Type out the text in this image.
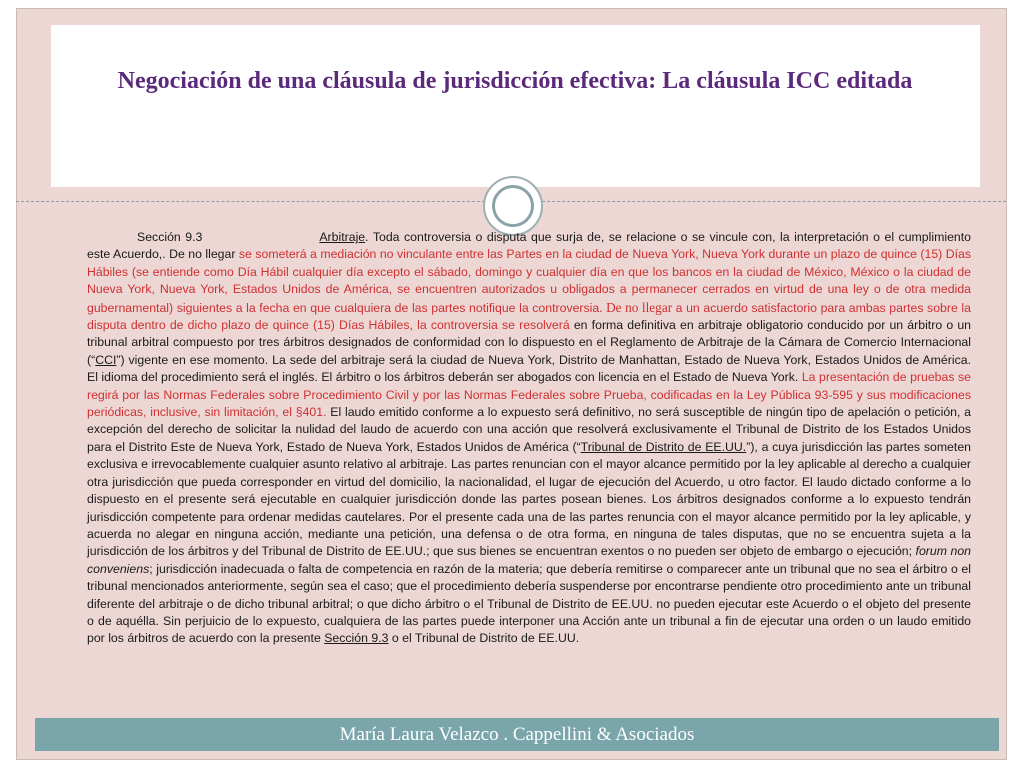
Negociación de una cláusula de jurisdicción efectiva: La cláusula ICC editada
Sección 9.3	Arbitraje. Toda controversia o disputa que surja de, se relacione o se vincule con, la interpretación o el cumplimiento este Acuerdo,. De no llegar se someterá a mediación no vinculante entre las Partes en la ciudad de Nueva York, Nueva York durante un plazo de quince (15) Días Hábiles (se entiende como Día Hábil cualquier día excepto el sábado, domingo y cualquier día en que los bancos en la ciudad de México, México o la ciudad de Nueva York, Nueva York, Estados Unidos de América, se encuentren autorizados u obligados a permanecer cerrados en virtud de una ley o de otra medida gubernamental) siguientes a la fecha en que cualquiera de las partes notifique la controversia. De no llegar a un acuerdo satisfactorio para ambas partes sobre la disputa dentro de dicho plazo de quince (15) Días Hábiles, la controversia se resolverá en forma definitiva en arbitraje obligatorio conducido por un árbitro o un tribunal arbitral compuesto por tres árbitros designados de conformidad con lo dispuesto en el Reglamento de Arbitraje de la Cámara de Comercio Internacional (“CCI”) vigente en ese momento. La sede del arbitraje será la ciudad de Nueva York, Distrito de Manhattan, Estado de Nueva York, Estados Unidos de América. El idioma del procedimiento será el inglés. El árbitro o los árbitros deberán ser abogados con licencia en el Estado de Nueva York. La presentación de pruebas se regirá por las Normas Federales sobre Procedimiento Civil y por las Normas Federales sobre Prueba, codificadas en la Ley Pública 93-595 y sus modificaciones periódicas, inclusive, sin limitación, el §401. El laudo emitido conforme a lo expuesto será definitivo, no será susceptible de ningún tipo de apelación o petición, a excepción del derecho de solicitar la nulidad del laudo de acuerdo con una acción que resolverá exclusivamente el Tribunal de Distrito de los Estados Unidos para el Distrito Este de Nueva York, Estado de Nueva York, Estados Unidos de América (“Tribunal de Distrito de EE.UU.”), a cuya jurisdicción las partes someten exclusiva e irrevocablemente cualquier asunto relativo al arbitraje. Las partes renuncian con el mayor alcance permitido por la ley aplicable al derecho a cualquier otra jurisdicción que pueda corresponder en virtud del domicilio, la nacionalidad, el lugar de ejecución del Acuerdo, u otro factor. El laudo dictado conforme a lo dispuesto en el presente será ejecutable en cualquier jurisdicción donde las partes posean bienes. Los árbitros designados conforme a lo expuesto tendrán jurisdicción competente para ordenar medidas cautelares. Por el presente cada una de las partes renuncia con el mayor alcance permitido por la ley aplicable, y acuerda no alegar en ninguna acción, mediante una petición, una defensa o de otra forma, en ninguna de tales disputas, que no se encuentra sujeta a la jurisdicción de los árbitros y del Tribunal de Distrito de EE.UU.; que sus bienes se encuentran exentos o no pueden ser objeto de embargo o ejecución; forum non conveniens; jurisdicción inadecuada o falta de competencia en razón de la materia; que debería remitirse o comparecer ante un tribunal que no sea el árbitro o el tribunal mencionados anteriormente, según sea el caso; que el procedimiento debería suspenderse por encontrarse pendiente otro procedimiento ante un tribunal diferente del arbitraje o de dicho tribunal arbitral; o que dicho árbitro o el Tribunal de Distrito de EE.UU. no pueden ejecutar este Acuerdo o el objeto del presente o de aquélla. Sin perjuicio de lo expuesto, cualquiera de las partes puede interponer una Acción ante un tribunal a fin de ejecutar una orden o un laudo emitido por los árbitros de acuerdo con la presente Sección 9.3 o el Tribunal de Distrito de EE.UU.
María Laura Velazco . Cappellini & Asociados
